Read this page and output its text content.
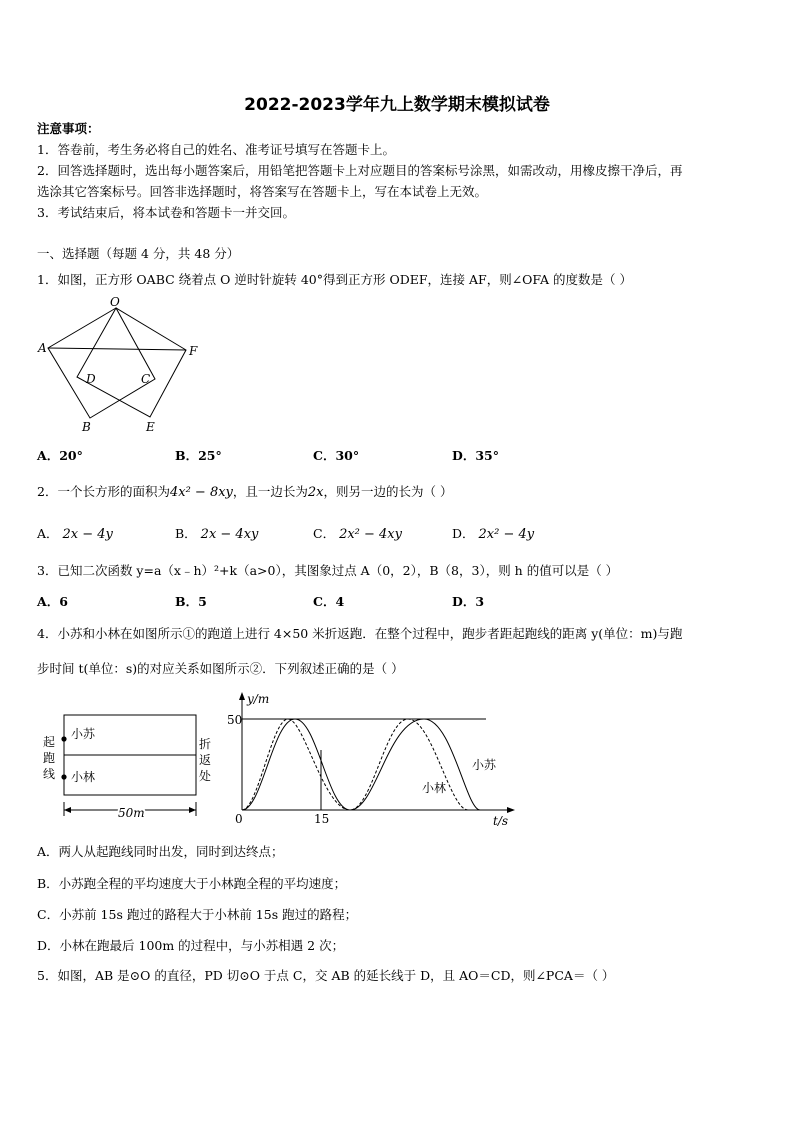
2022-2023学年九上数学期末模拟试卷
注意事项：
1．答卷前，考生务必将自己的姓名、准考证号填写在答题卡上。
2．回答选择题时，选出每小题答案后，用铅笔把答题卡上对应题目的答案标号涂黑，如需改动，用橡皮擦干净后，再
选涂其它答案标号。回答非选择题时，将答案写在答题卡上，写在本试卷上无效。
3．考试结束后，将本试卷和答题卡一并交回。
一、选择题（每题 4 分，共 48 分）
1．如图，正方形 OABC 绕着点 O 逆时针旋转 40°得到正方形 ODEF，连接 AF，则∠OFA 的度数是（ ）
O
A	F
D	C
B	E
A．20°	B．25°	C．30°	D．35°
2．一个长方形的面积为4x² − 8xy，且一边长为2x，则另一边的长为（ ）
A． 2x − 4y	B． 2x − 4xy	C． 2x² − 4xy	D． 2x² − 4y
3．已知二次函数 y=a（x﹣h）²+k（a>0），其图象过点 A（0，2），B（8，3），则 h 的值可以是（ ）
A．6	B．5	C．4	D．3
4．小苏和小林在如图所示①的跑道上进行 4×50 米折返跑．在整个过程中，跑步者距起跑线的距离 y(单位：m)与跑
步时间 t(单位：s)的对应关系如图所示②．下列叙述正确的是（ ）
起
跑
线
折
返
处
小苏
小林
50m
y/m
t/s
50
15
0
小苏
小林
A．两人从起跑线同时出发，同时到达终点；
B．小苏跑全程的平均速度大于小林跑全程的平均速度；
C．小苏前 15s 跑过的路程大于小林前 15s 跑过的路程；
D．小林在跑最后 100m 的过程中，与小苏相遇 2 次；
5．如图，AB 是⊙O 的直径，PD 切⊙O 于点 C，交 AB 的延长线于 D，且 AO＝CD，则∠PCA＝（ ）
